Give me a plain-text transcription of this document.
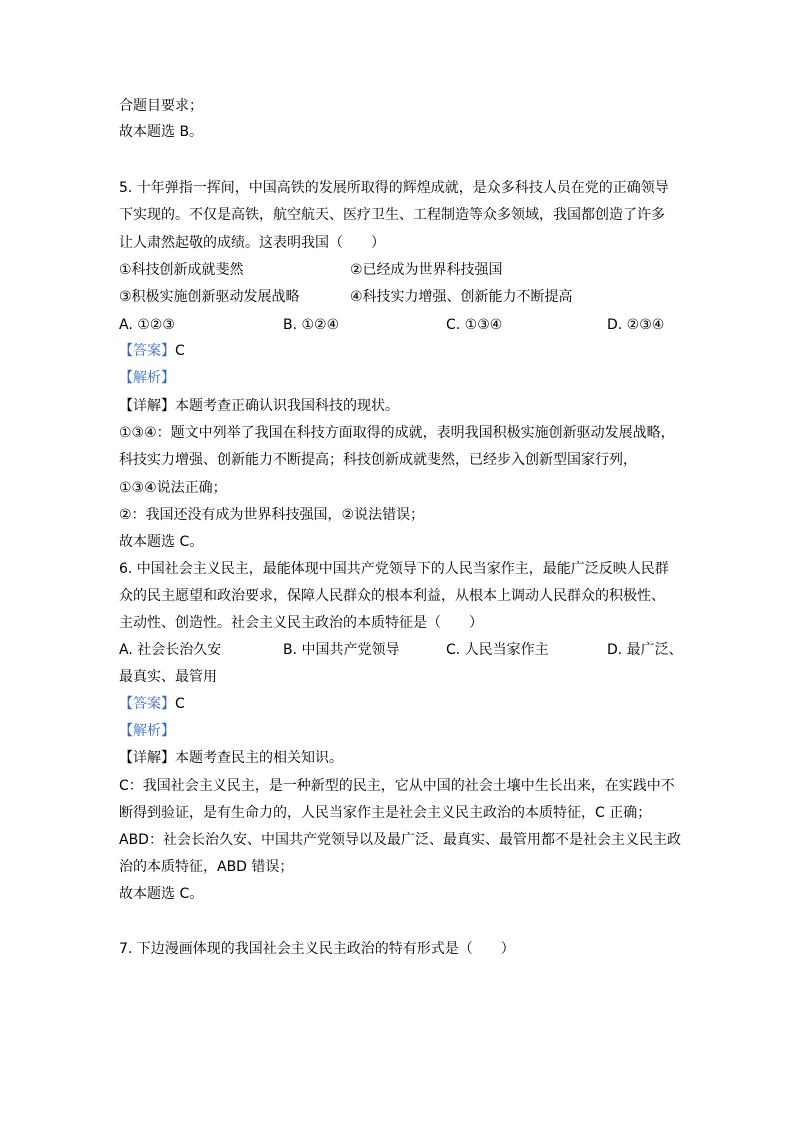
合题目要求；
故本题选 B。
5. 十年弹指一挥间，中国高铁的发展所取得的辉煌成就，是众多科技人员在党的正确领导
下实现的。不仅是高铁，航空航天、医疗卫生、工程制造等众多领域，我国都创造了许多
让人肃然起敬的成绩。这表明我国（　　）
①科技创新成就斐然	②已经成为世界科技强国
③积极实施创新驱动发展战略	④科技实力增强、创新能力不断提高
A. ①②③	B. ①②④	C. ①③④	D. ②③④
【答案】C
【解析】
【详解】本题考查正确认识我国科技的现状。
①③④：题文中列举了我国在科技方面取得的成就，表明我国积极实施创新驱动发展战略，
科技实力增强、创新能力不断提高；科技创新成就斐然，已经步入创新型国家行列，
①③④说法正确；
②：我国还没有成为世界科技强国，②说法错误；
故本题选 C。
6. 中国社会主义民主，最能体现中国共产党领导下的人民当家作主，最能广泛反映人民群
众的民主愿望和政治要求，保障人民群众的根本利益，从根本上调动人民群众的积极性、
主动性、创造性。社会主义民主政治的本质特征是（　　）
A. 社会长治久安	B. 中国共产党领导	C. 人民当家作主	D. 最广泛、
最真实、最管用
【答案】C
【解析】
【详解】本题考查民主的相关知识。
C：我国社会主义民主，是一种新型的民主，它从中国的社会土壤中生长出来，在实践中不
断得到验证，是有生命力的，人民当家作主是社会主义民主政治的本质特征，C 正确；
ABD：社会长治久安、中国共产党领导以及最广泛、最真实、最管用都不是社会主义民主政
治的本质特征，ABD 错误；
故本题选 C。
7. 下边漫画体现的我国社会主义民主政治的特有形式是（　　）
